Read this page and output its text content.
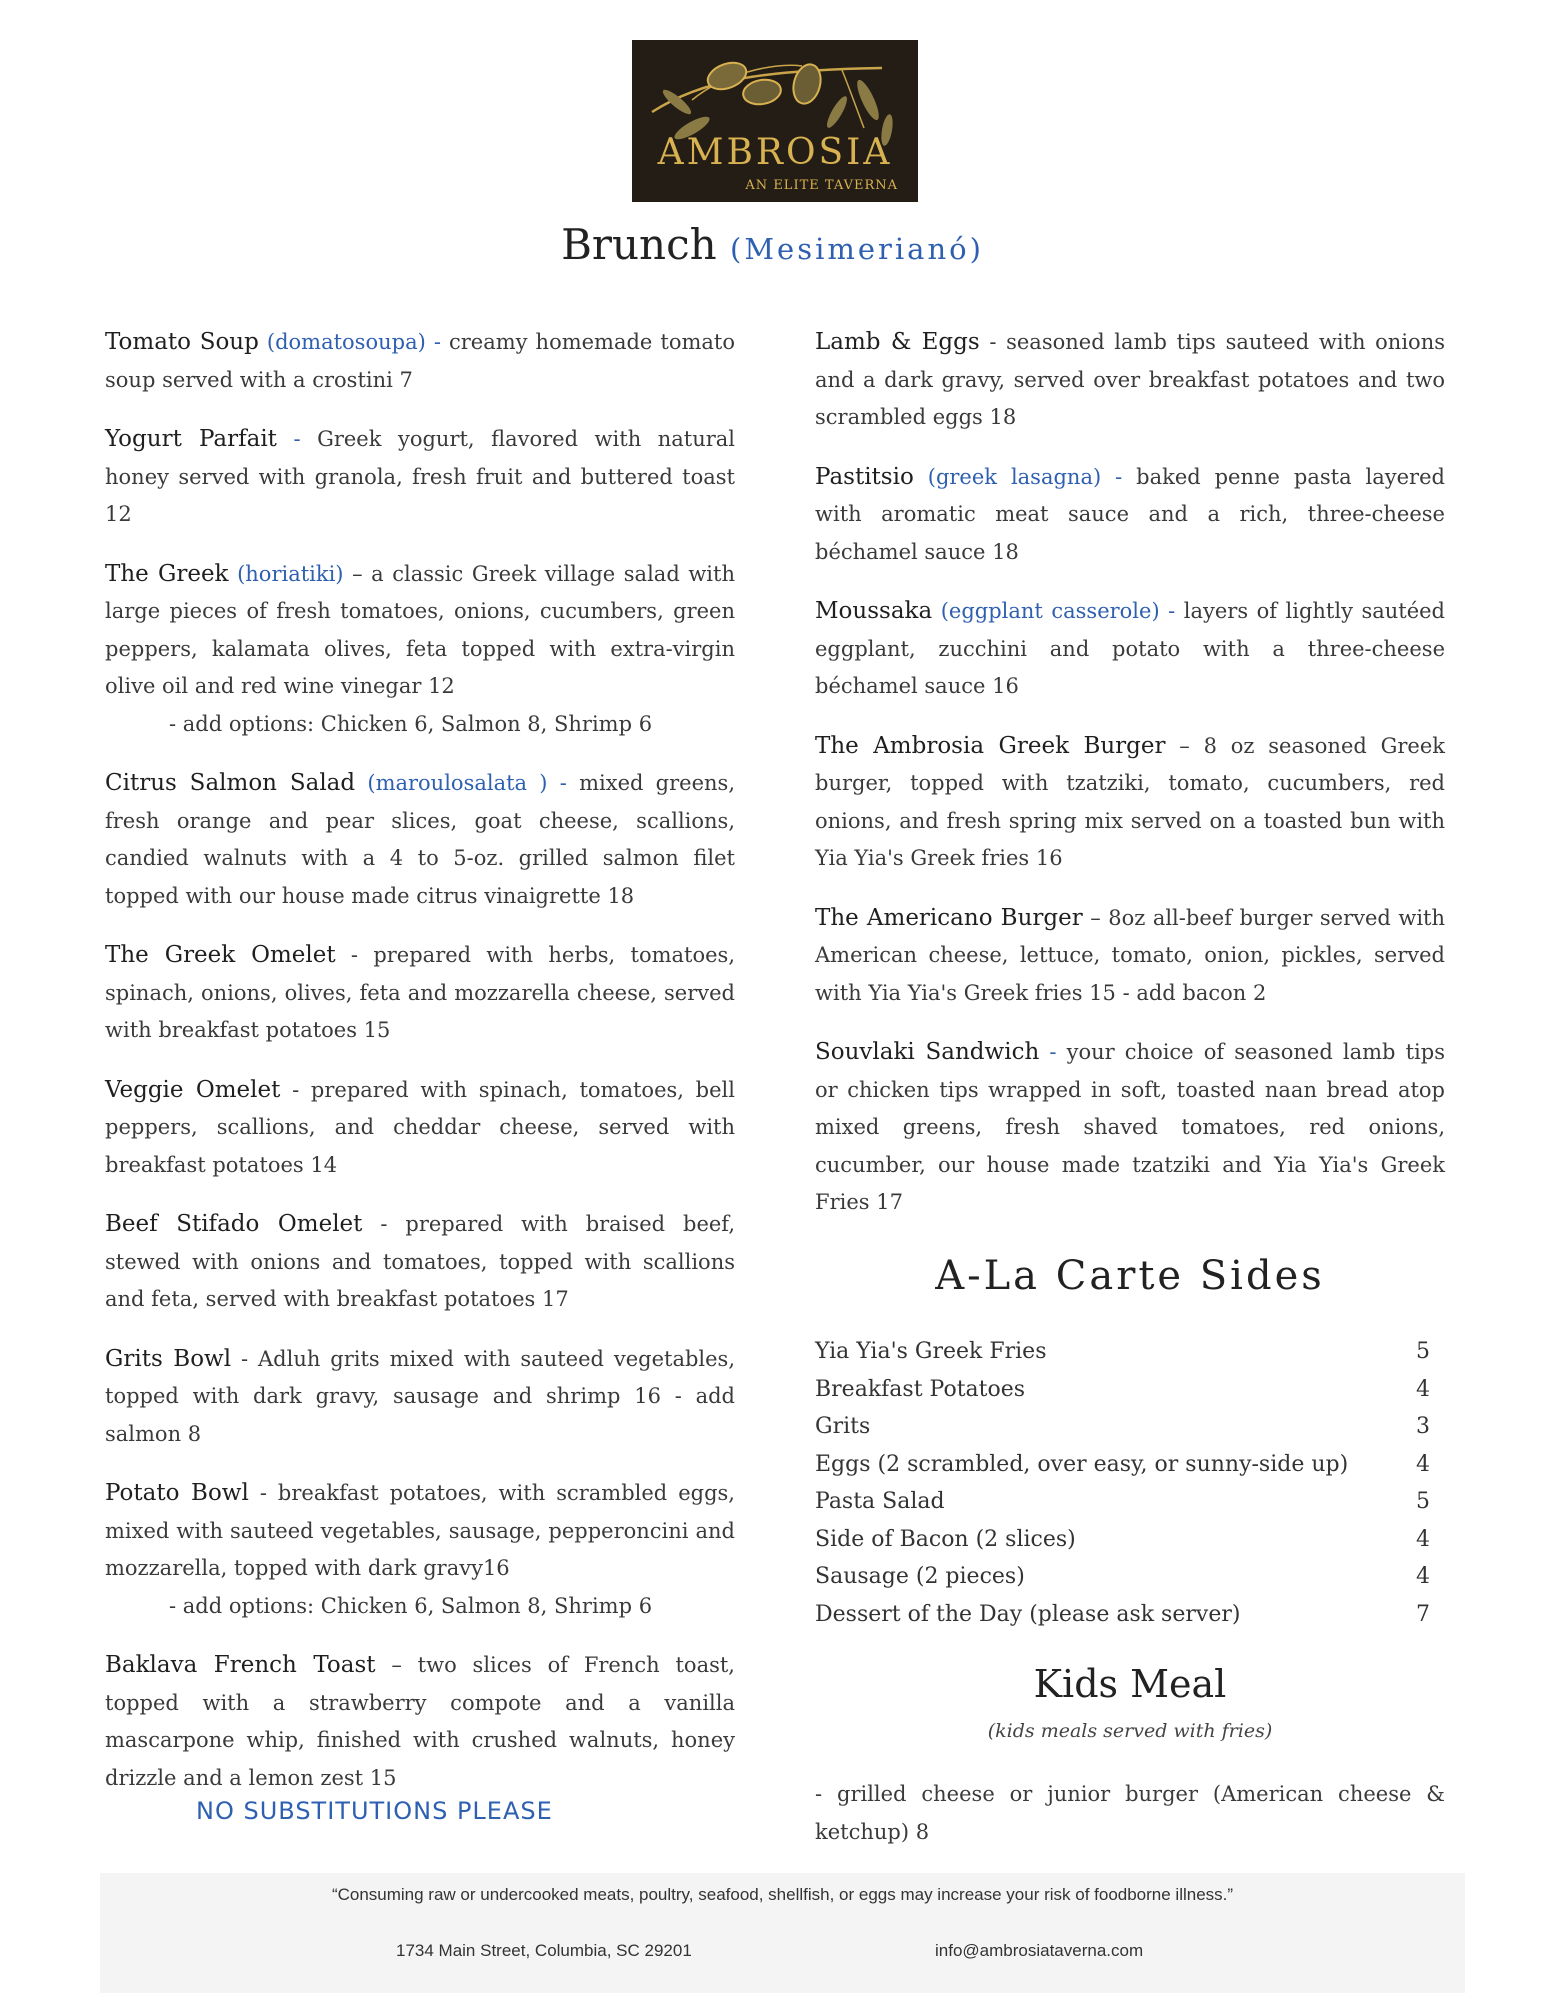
AMBROSIA
AN ELITE TAVERNA
Brunch (Mesimerianó)
Tomato Soup (domatosoupa) - creamy homemade tomato soup served with a crostini 7
Yogurt Parfait - Greek yogurt, flavored with natural honey served with granola, fresh fruit and buttered toast 12
The Greek (horiatiki) – a classic Greek village salad with large pieces of fresh tomatoes, onions, cucumbers, green peppers, kalamata olives, feta topped with extra-virgin olive oil and red wine vinegar 12
- add options: Chicken 6, Salmon 8, Shrimp 6
Citrus Salmon Salad (maroulosalata ) - mixed greens, fresh orange and pear slices, goat cheese, scallions, candied walnuts with a 4 to 5-oz. grilled salmon filet topped with our house made citrus vinaigrette 18
The Greek Omelet - prepared with herbs, tomatoes, spinach, onions, olives, feta and mozzarella cheese, served with breakfast potatoes 15
Veggie Omelet - prepared with spinach, tomatoes, bell peppers, scallions, and cheddar cheese, served with breakfast potatoes 14
Beef Stifado Omelet - prepared with braised beef, stewed with onions and tomatoes, topped with scallions and feta, served with breakfast potatoes 17
Grits Bowl - Adluh grits mixed with sauteed vegetables, topped with dark gravy, sausage and shrimp 16 - add salmon 8
Potato Bowl - breakfast potatoes, with scrambled eggs, mixed with sauteed vegetables, sausage, pepperoncini and mozzarella, topped with dark gravy16
- add options: Chicken 6, Salmon 8, Shrimp 6
Baklava French Toast – two slices of French toast, topped with a strawberry compote and a vanilla mascarpone whip, finished with crushed walnuts, honey drizzle and a lemon zest 15
NO SUBSTITUTIONS PLEASE
Lamb & Eggs - seasoned lamb tips sauteed with onions and a dark gravy, served over breakfast potatoes and two scrambled eggs 18
Pastitsio (greek lasagna) - baked penne pasta layered with aromatic meat sauce and a rich, three-cheese béchamel sauce 18
Moussaka (eggplant casserole) - layers of lightly sautéed eggplant, zucchini and potato with a three-cheese béchamel sauce 16
The Ambrosia Greek Burger – 8 oz seasoned Greek burger, topped with tzatziki, tomato, cucumbers, red onions, and fresh spring mix served on a toasted bun with Yia Yia's Greek fries 16
The Americano Burger – 8oz all-beef burger served with American cheese, lettuce, tomato, onion, pickles, served with Yia Yia's Greek fries 15 - add bacon 2
Souvlaki Sandwich - your choice of seasoned lamb tips or chicken tips wrapped in soft, toasted naan bread atop mixed greens, fresh shaved tomatoes, red onions, cucumber, our house made tzatziki and Yia Yia's Greek Fries 17
A-La Carte Sides
Yia Yia's Greek Fries	5
Breakfast Potatoes	4
Grits	3
Eggs (2 scrambled, over easy, or sunny-side up)	4
Pasta Salad	5
Side of Bacon (2 slices)	4
Sausage (2 pieces)	4
Dessert of the Day (please ask server)	7
Kids Meal
(kids meals served with fries)
- grilled cheese or junior burger (American cheese & ketchup) 8
“Consuming raw or undercooked meats, poultry, seafood, shellfish, or eggs may increase your risk of foodborne illness.”
1734 Main Street, Columbia, SC 29201	info@ambrosiataverna.com
